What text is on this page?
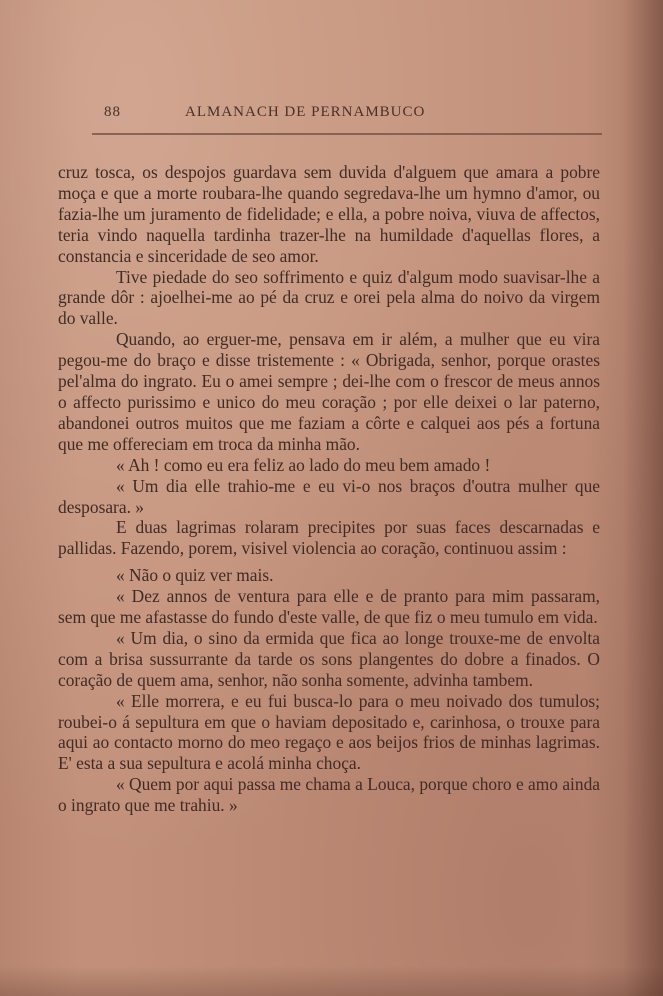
88	ALMANACH DE PERNAMBUCO

cruz tosca, os despojos guardava sem duvida d'alguem que amara a pobre moça e que a morte roubara-lhe quando segredava-lhe um hymno d'amor, ou fazia-lhe um juramento de fidelidade; e ella, a pobre noiva, viuva de affectos, teria vindo naquella tardinha trazer-lhe na humildade d'aquellas flores, a constancia e sinceridade de seo amor.

Tive piedade do seo soffrimento e quiz d'algum modo suavisar-lhe a grande dôr : ajoelhei-me ao pé da cruz e orei pela alma do noivo da virgem do valle.

Quando, ao erguer-me, pensava em ir além, a mulher que eu vira pegou-me do braço e disse tristemente : « Obrigada, senhor, porque orastes pel'alma do ingrato. Eu o amei sempre ; dei-lhe com o frescor de meus annos o affecto purissimo e unico do meu coração ; por elle deixei o lar paterno, abandonei outros muitos que me faziam a côrte e calquei aos pés a fortuna que me offereciam em troca da minha mão.

« Ah ! como eu era feliz ao lado do meu bem amado !

« Um dia elle trahio-me e eu vi-o nos braços d'outra mulher que desposara. »

E duas lagrimas rolaram precipites por suas faces descarnadas e pallidas. Fazendo, porem, visivel violencia ao coração, continuou assim :

« Não o quiz ver mais.

« Dez annos de ventura para elle e de pranto para mim passaram, sem que me afastasse do fundo d'este valle, de que fiz o meu tumulo em vida.

« Um dia, o sino da ermida que fica ao longe trouxe-me de envolta com a brisa sussurrante da tarde os sons plangentes do dobre a finados. O coração de quem ama, senhor, não sonha somente, advinha tambem.

« Elle morrera, e eu fui busca-lo para o meu noivado dos tumulos; roubei-o á sepultura em que o haviam depositado e, carinhosa, o trouxe para aqui ao contacto morno do meo regaço e aos beijos frios de minhas lagrimas. E' esta a sua sepultura e acolá minha choça.

« Quem por aqui passa me chama a Louca, porque choro e amo ainda o ingrato que me trahiu. »
